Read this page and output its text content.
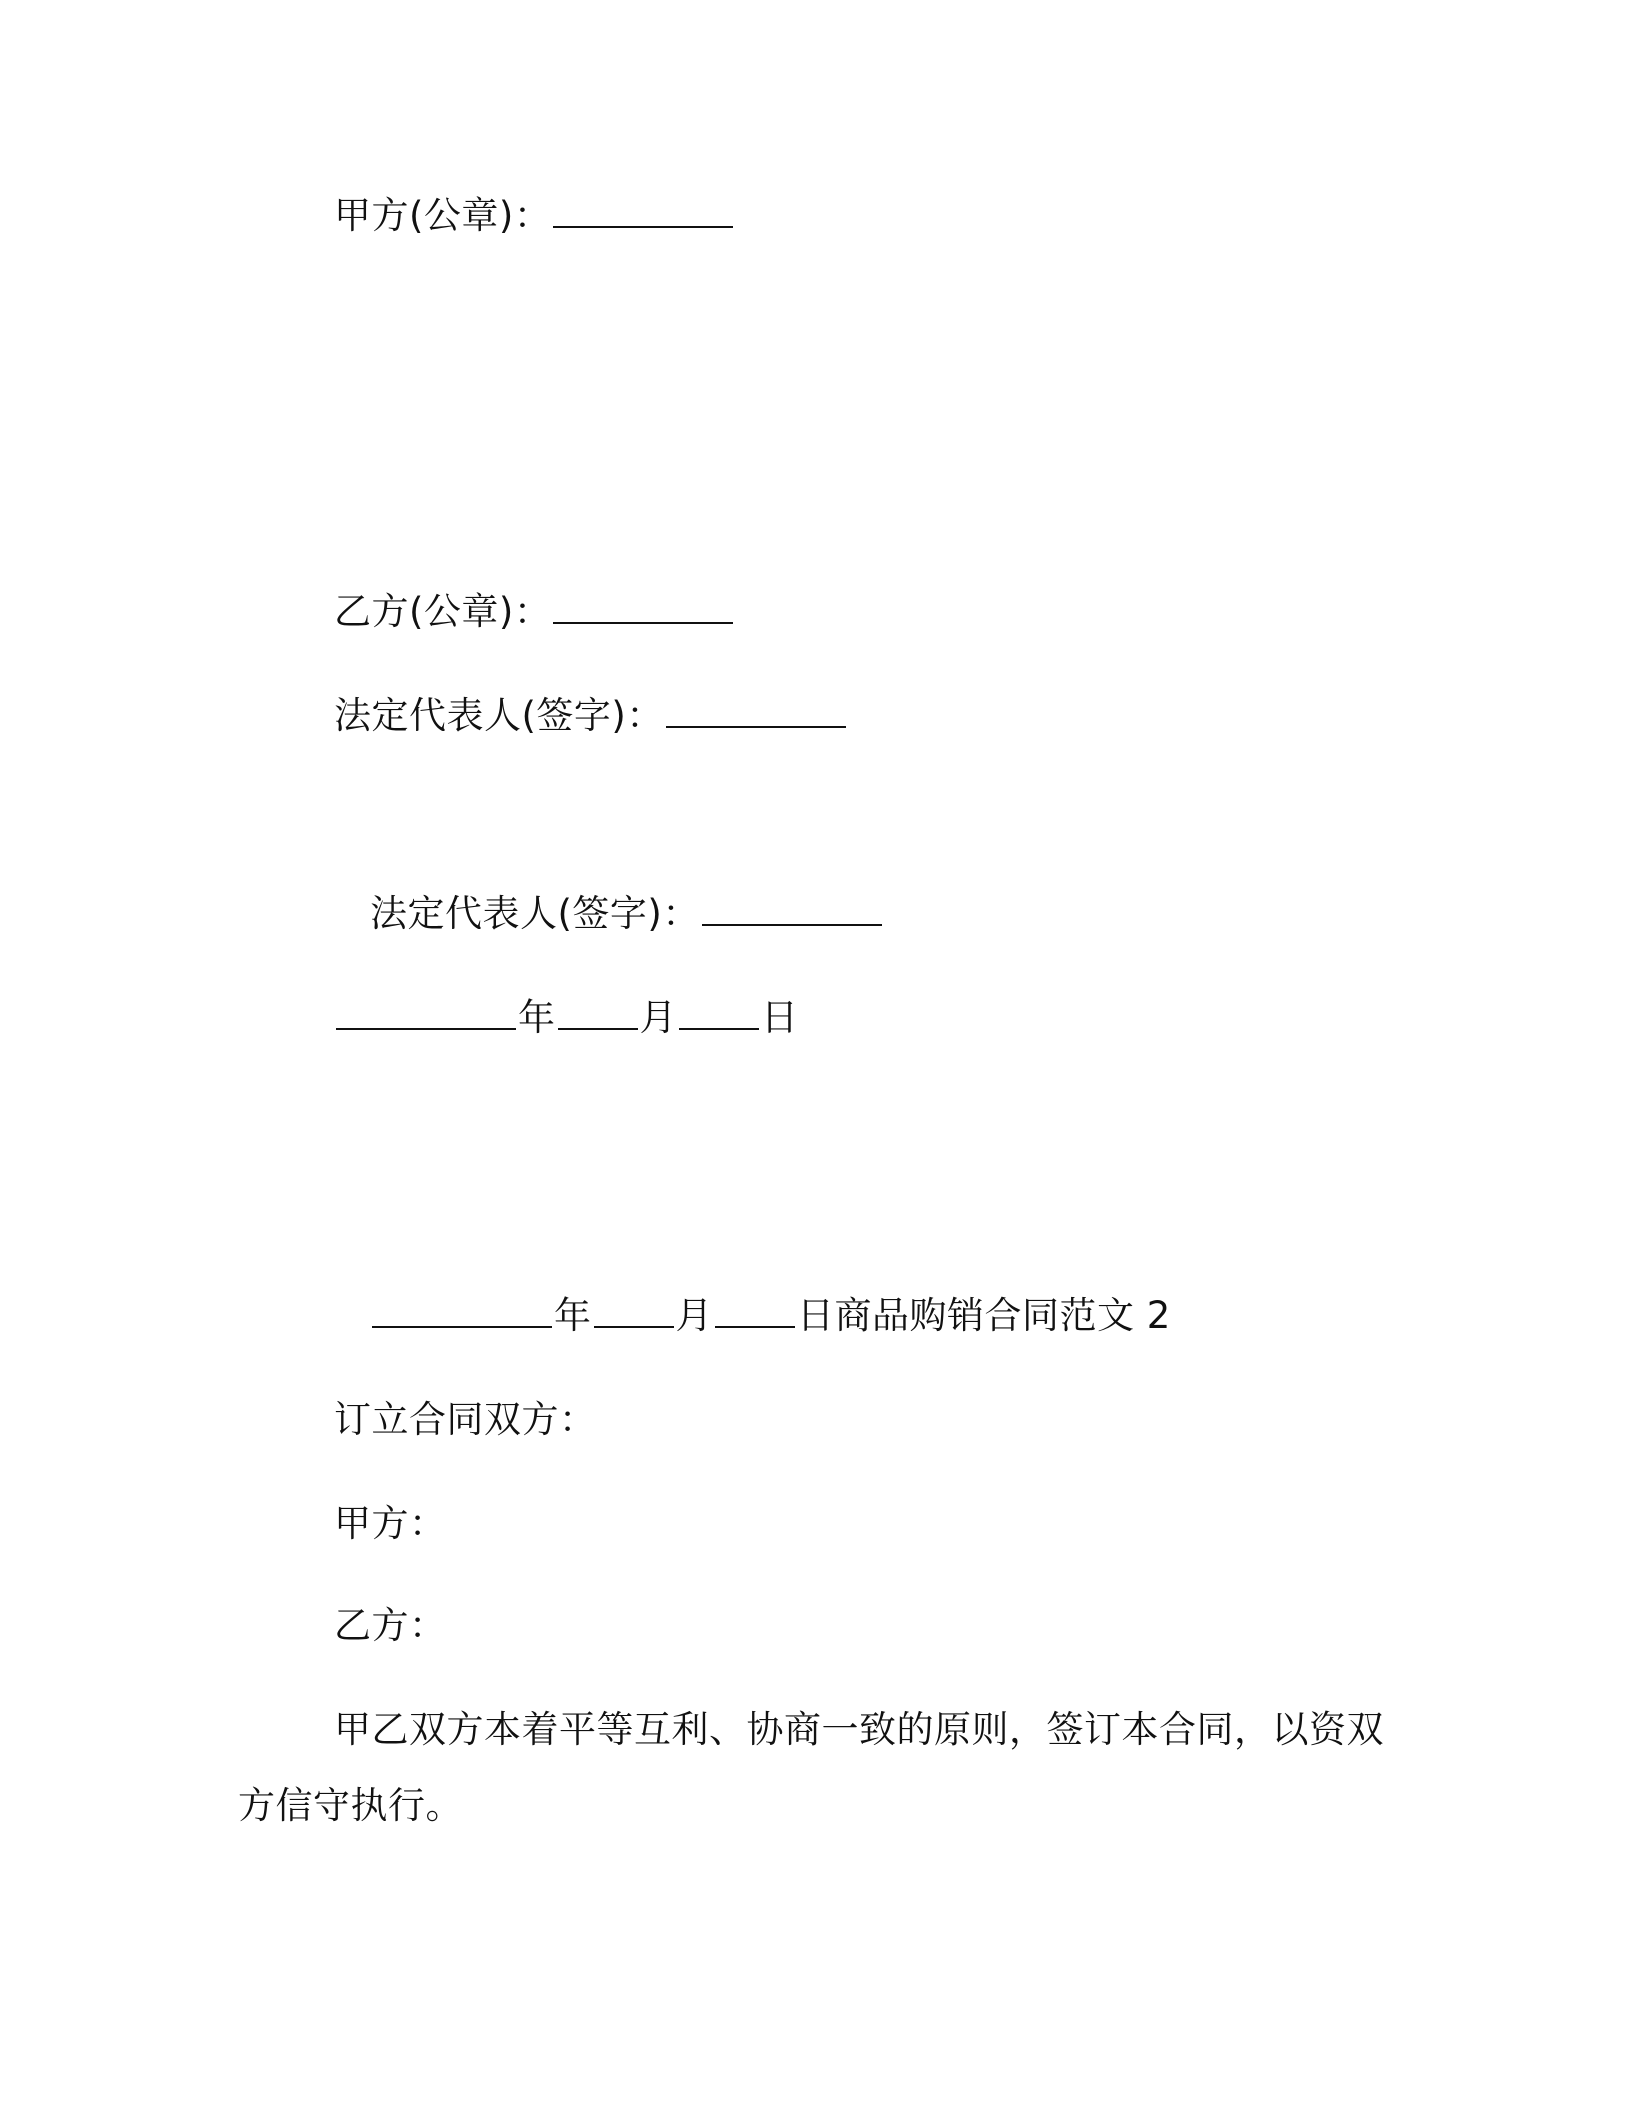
甲方(公章)：
乙方(公章)：
法定代表人(签字)：
法定代表人(签字)：
年 月 日
年 月 日商品购销合同范文 2
订立合同双方：
甲方：
乙方：
甲乙双方本着平等互利、协商一致的原则，签订本合同，以资双
方信守执行。
